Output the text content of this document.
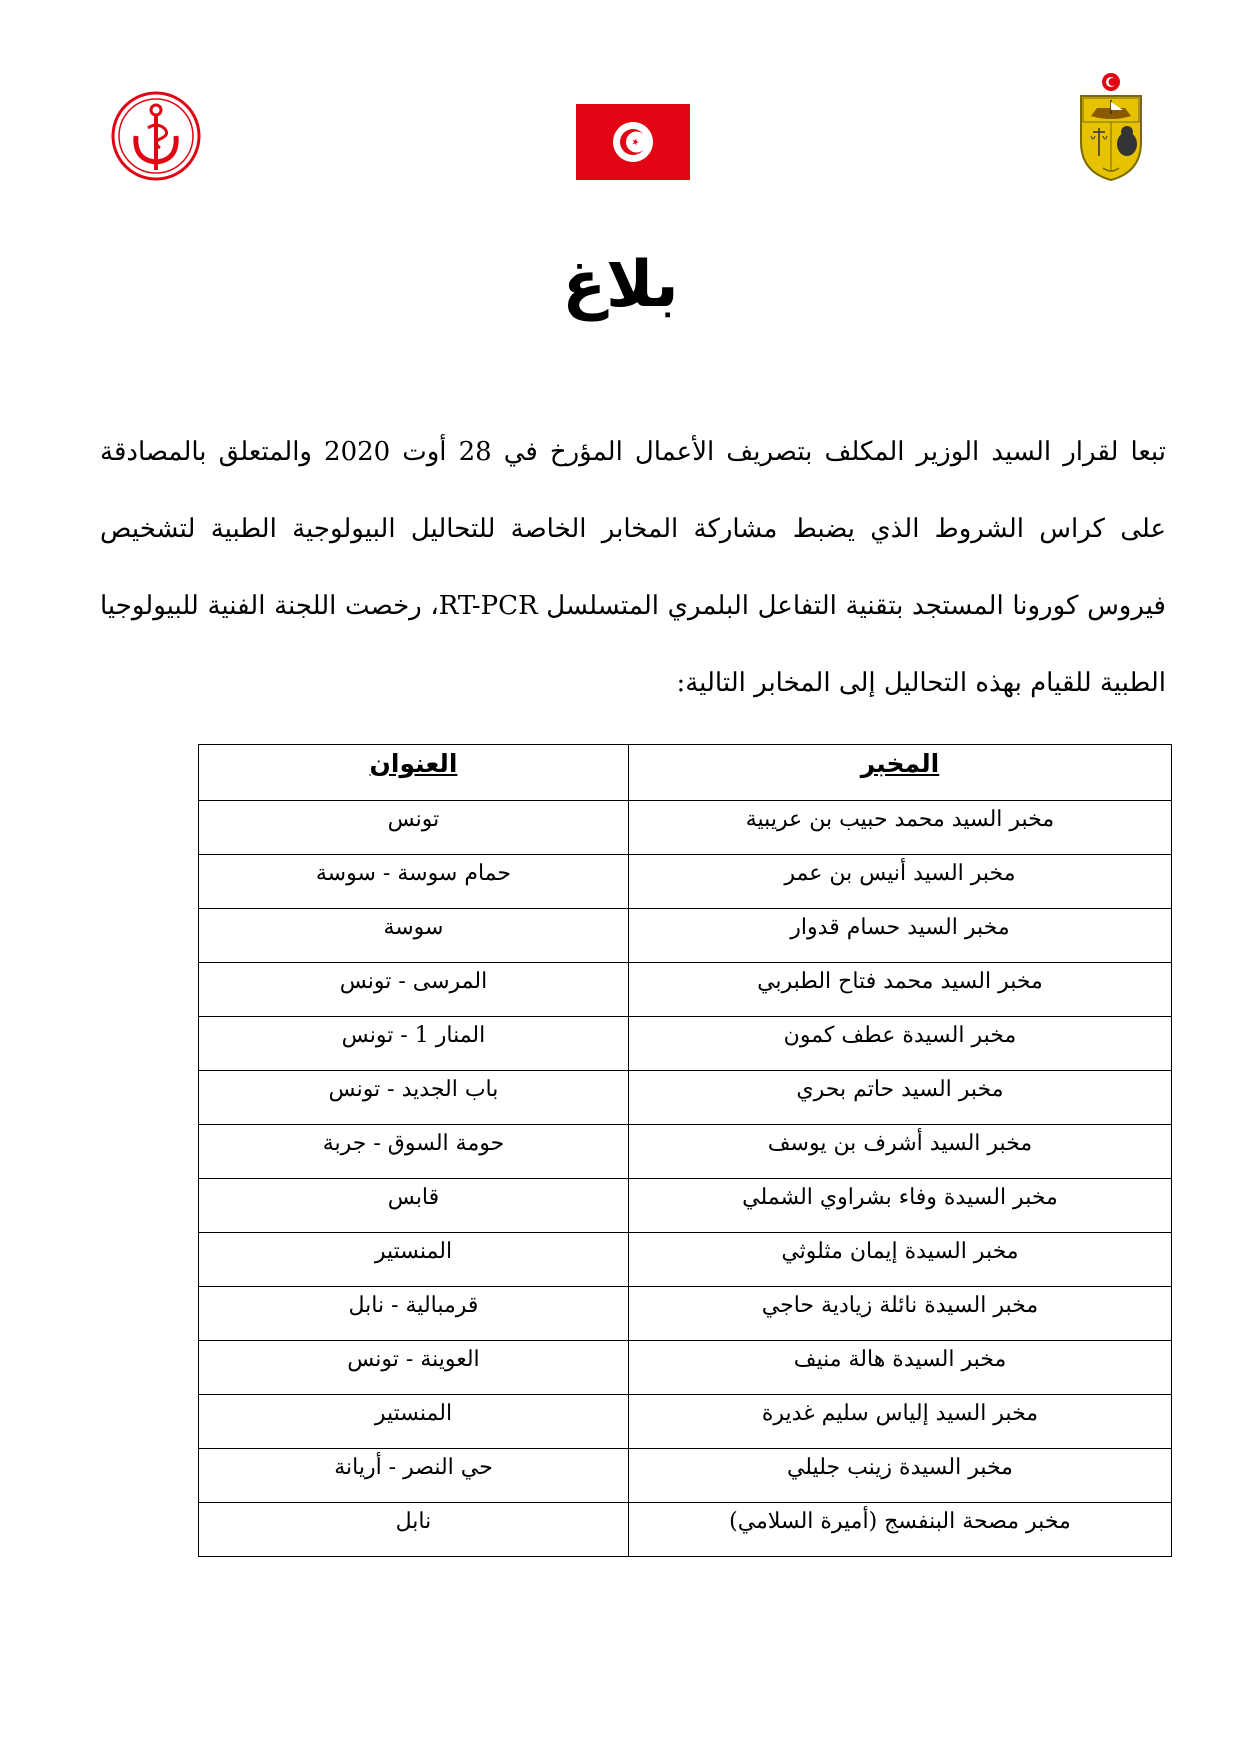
بلاغ

تبعا لقرار السيد الوزير المكلف بتصريف الأعمال المؤرخ في 28 أوت 2020 والمتعلق بالمصادقة على كراس الشروط الذي يضبط مشاركة المخابر الخاصة للتحاليل البيولوجية الطبية لتشخيص فيروس كورونا المستجد بتقنية التفاعل البلمري المتسلسل RT-PCR، رخصت اللجنة الفنية للبيولوجيا الطبية للقيام بهذه التحاليل إلى المخابر التالية:

المخبر	العنوان
مخبر السيد محمد حبيب بن عريبية	تونس
مخبر السيد أنيس بن عمر	حمام سوسة - سوسة
مخبر السيد حسام قدوار	سوسة
مخبر السيد محمد فتاح الطبربي	المرسى - تونس
مخبر السيدة عطف كمون	المنار 1 - تونس
مخبر السيد حاتم بحري	باب الجديد - تونس
مخبر السيد أشرف بن يوسف	حومة السوق - جربة
مخبر السيدة وفاء بشراوي الشملي	قابس
مخبر السيدة إيمان مثلوثي	المنستير
مخبر السيدة نائلة زيادية حاجي	قرمبالية - نابل
مخبر السيدة هالة منيف	العوينة - تونس
مخبر السيد إلياس سليم غديرة	المنستير
مخبر السيدة زينب جليلي	حي النصر - أريانة
مخبر مصحة البنفسج (أميرة السلامي)	نابل
